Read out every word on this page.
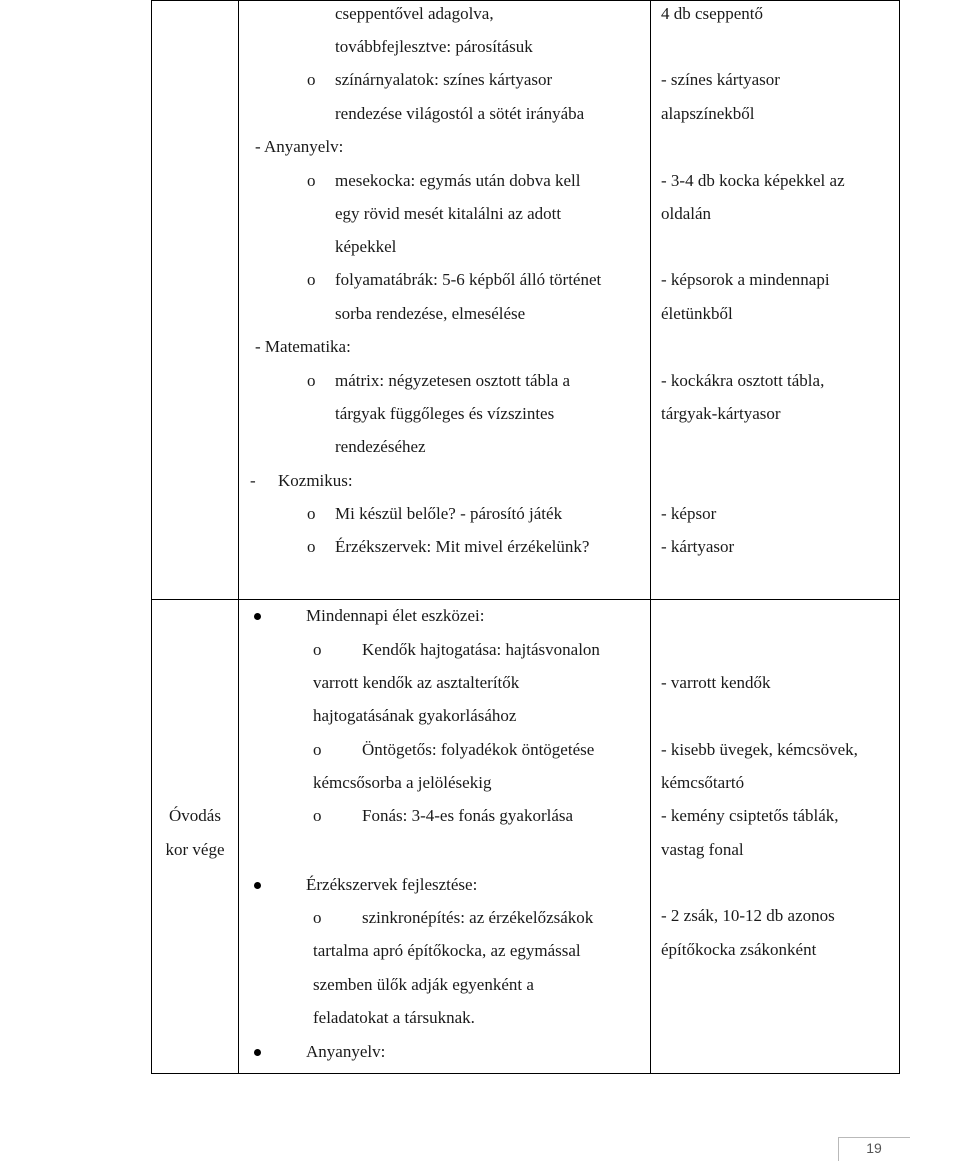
cseppentővel adagolva,
továbbfejlesztve: párosításuk
o színárnyalatok: színes kártyasor
rendezése világostól a sötét irányába
- Anyanyelv:
o mesekocka: egymás után dobva kell
egy rövid mesét kitalálni az adott
képekkel
o folyamatábrák: 5-6 képből álló történet
sorba rendezése, elmesélése
- Matematika:
o mátrix: négyzetesen osztott tábla a
tárgyak függőleges és vízszintes
rendezéséhez
- Kozmikus:
o Mi készül belőle? - párosító játék
o Érzékszervek: Mit mivel érzékelünk?
4 db cseppentő
- színes kártyasor
alapszínekből
- 3-4 db kocka képekkel az
oldalán
- képsorok a mindennapi
életünkből
- kockákra osztott tábla,
tárgyak-kártyasor
- képsor
- kártyasor
Óvodás
kor vége
Mindennapi élet eszközei:
o Kendők hajtogatása: hajtásvonalon
varrott kendők az asztalterítők
hajtogatásának gyakorlásához
o Öntögetős: folyadékok öntögetése
kémcsősorba a jelölésekig
o Fonás: 3-4-es fonás gyakorlása
Érzékszervek fejlesztése:
o szinkronépítés: az érzékelőzsákok
tartalma apró építőkocka, az egymással
szemben ülők adják egyenként a
feladatokat a társuknak.
Anyanyelv:
- varrott kendők
- kisebb üvegek, kémcsövek,
kémcsőtartó
- kemény csiptetős táblák,
vastag fonal
- 2 zsák, 10-12 db azonos
építőkocka zsákonként
19
